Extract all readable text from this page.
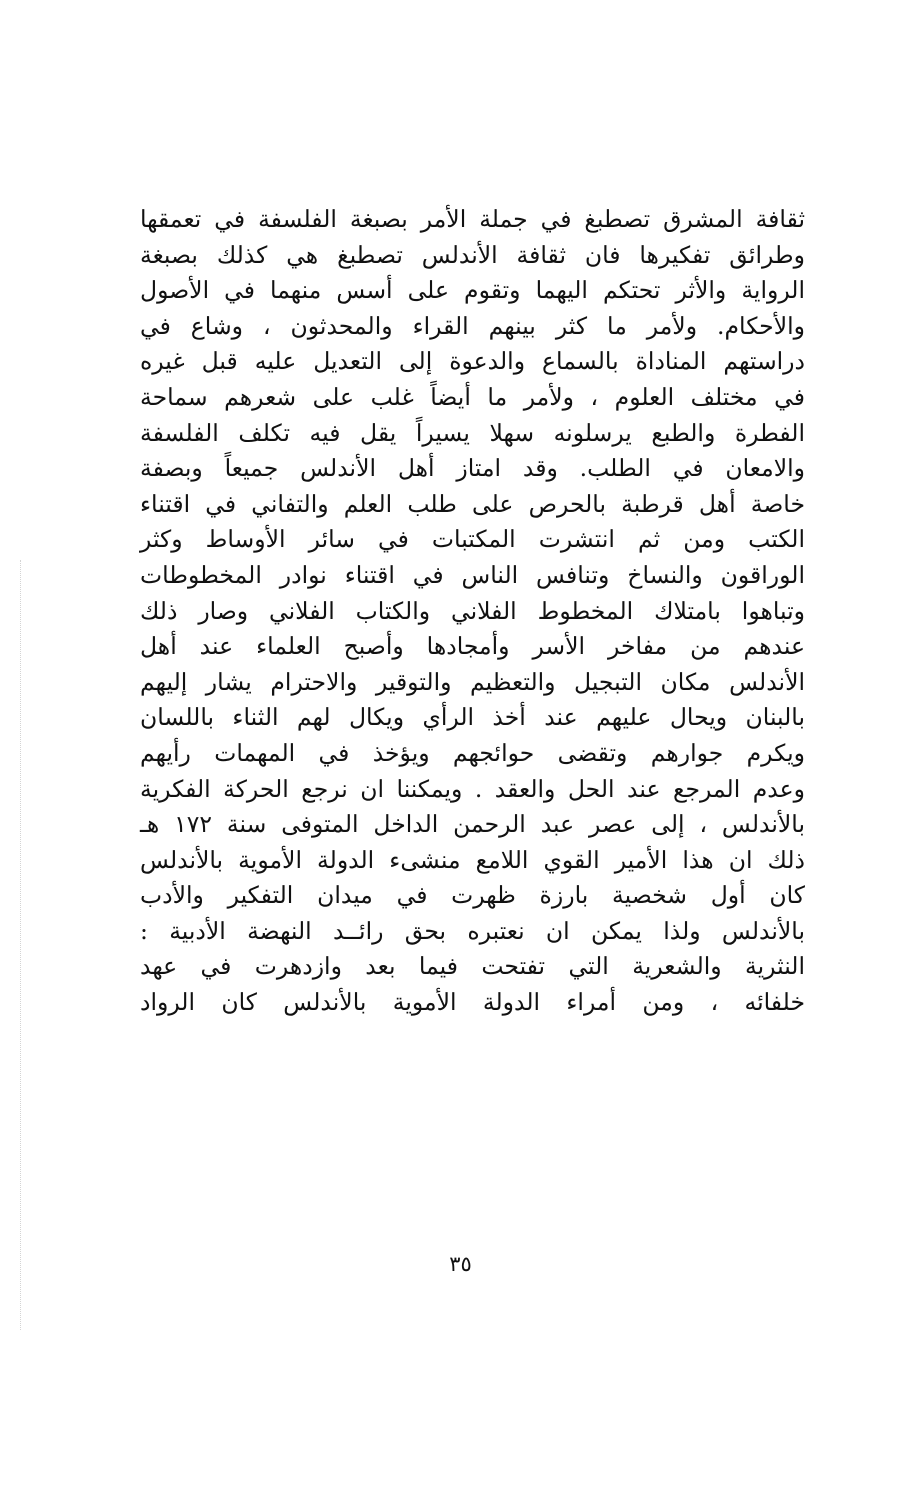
ثقافة المشرق تصطبغ في جملة الأمر بصبغة الفلسفة في تعمقها
وطرائق تفكيرها فان ثقافة الأندلس تصطبغ هي كذلك بصبغة
الرواية والأثر تحتكم اليهما وتقوم على أسس منهما في الأصول
والأحكام. ولأمر ما كثر بينهم القراء والمحدثون ، وشاع في
دراستهم المناداة بالسماع والدعوة إلى التعديل عليه قبل غيره
في مختلف العلوم ، ولأمر ما أيضاً غلب على شعرهم سماحة
الفطرة والطبع يرسلونه سهلا يسيراً يقل فيه تكلف الفلسفة
والامعان في الطلب. وقد امتاز أهل الأندلس جميعاً وبصفة
خاصة أهل قرطبة بالحرص على طلب العلم والتفاني في اقتناء
الكتب ومن ثم انتشرت المكتبات في سائر الأوساط وكثر
الوراقون والنساخ وتنافس الناس في اقتناء نوادر المخطوطات
وتباهوا بامتلاك المخطوط الفلاني والكتاب الفلاني وصار ذلك
عندهم من مفاخر الأسر وأمجادها وأصبح العلماء عند أهل
الأندلس مكان التبجيل والتعظيم والتوقير والاحترام يشار إليهم
بالبنان ويحال عليهم عند أخذ الرأي ويكال لهم الثناء باللسان
ويكرم جوارهم وتقضى حوائجهم ويؤخذ في المهمات رأيهم
وعدم المرجع عند الحل والعقد . ويمكننا ان نرجع الحركة الفكرية
بالأندلس ، إلى عصر عبد الرحمن الداخل المتوفى سنة ١٧٢ هـ
ذلك ان هذا الأمير القوي اللامع منشىء الدولة الأموية بالأندلس
كان أول شخصية بارزة ظهرت في ميدان التفكير والأدب
بالأندلس ولذا يمكن ان نعتبره بحق رائــد النهضة الأدبية :
النثرية والشعرية التي تفتحت فيما بعد وازدهرت في عهد
خلفائه ، ومن أمراء الدولة الأموية بالأندلس كان الرواد
٣٥
